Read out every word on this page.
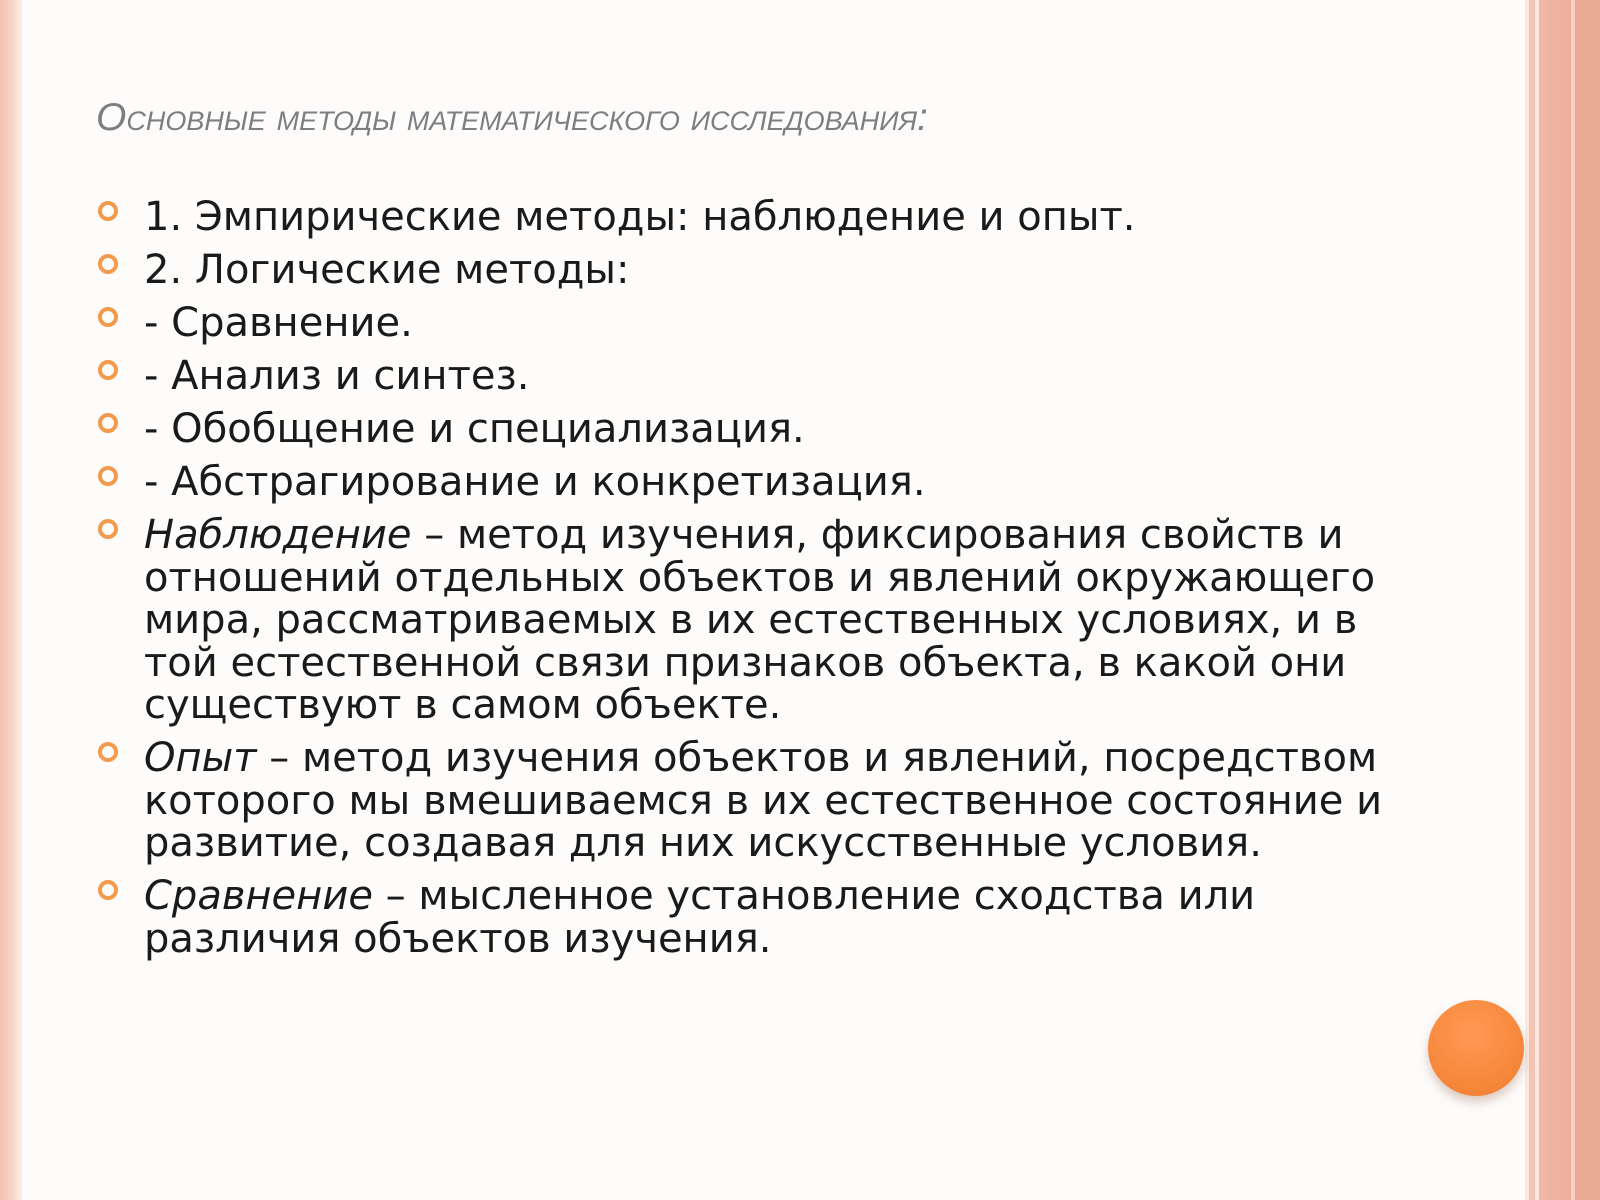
Основные методы математического исследования:
1. Эмпирические методы: наблюдение и опыт.
2. Логические методы:
- Сравнение.
- Анализ и синтез.
- Обобщение и специализация.
- Абстрагирование и конкретизация.
Наблюдение – метод изучения, фиксирования свойств и отношений отдельных объектов и явлений окружающего мира, рассматриваемых в их естественных условиях, и в той естественной связи признаков объекта, в какой они существуют в самом объекте.
Опыт – метод изучения объектов и явлений, посредством которого мы вмешиваемся в их естественное состояние и развитие, создавая для них искусственные условия.
Сравнение – мысленное установление сходства или различия объектов изучения.
